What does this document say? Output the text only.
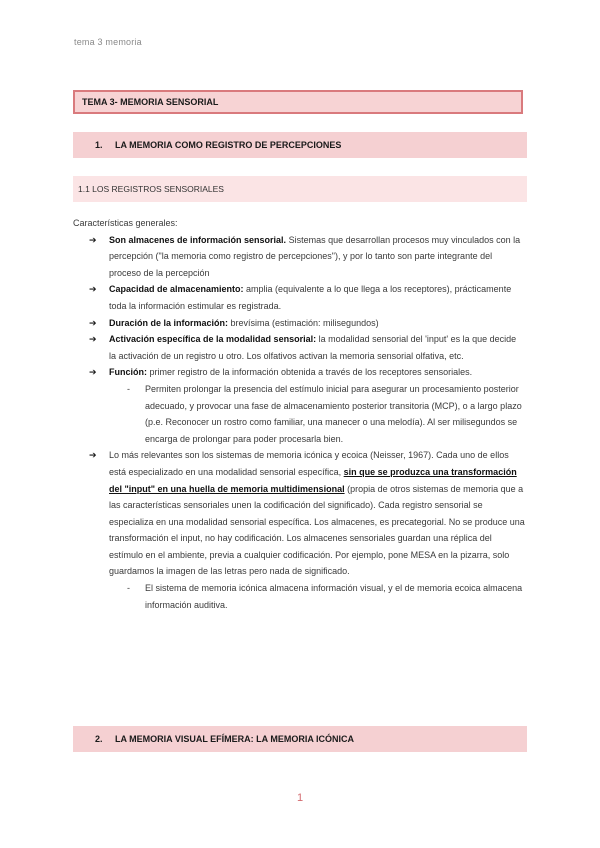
tema 3 memoria
TEMA 3- MEMORIA SENSORIAL
1.	LA MEMORIA COMO REGISTRO DE PERCEPCIONES
1.1 LOS REGISTROS SENSORIALES

Características generales:

➔ Son almacenes de información sensorial. Sistemas que desarrollan procesos muy vinculados con la percepción ("la memoria como registro de percepciones"), y por lo tanto son parte integrante del proceso de la percepción
➔ Capacidad de almacenamiento: amplia (equivalente a lo que llega a los receptores), prácticamente toda la información estimular es registrada.
➔ Duración de la información: brevísima (estimación: milisegundos)
➔ Activación específica de la modalidad sensorial: la modalidad sensorial del 'input' es la que decide la activación de un registro u otro. Los olfativos activan la memoria sensorial olfativa, etc.
➔ Función: primer registro de la información obtenida a través de los receptores sensoriales.
- Permiten prolongar la presencia del estímulo inicial para asegurar un procesamiento posterior adecuado, y provocar una fase de almacenamiento posterior transitoria (MCP), o a largo plazo (p.e. Reconocer un rostro como familiar, una manecer o una melodía). Al ser milisegundos se encarga de prolongar para poder procesarla bien.
➔ Lo más relevantes son los sistemas de memoria icónica y ecoica (Neisser, 1967). Cada uno de ellos está especializado en una modalidad sensorial específica, sin que se produzca una transformación del "input" en una huella de memoria multidimensional (propia de otros sistemas de memoria que a las características sensoriales unen la codificación del significado). Cada registro sensorial se especializa en una modalidad sensorial específica. Los almacenes, es precategorial. No se produce una transformación el input, no hay codificación. Los almacenes sensoriales guardan una réplica del estímulo en el ambiente, previa a cualquier codificación. Por ejemplo, pone MESA en la pizarra, solo guardamos la imagen de las letras pero nada de significado.
- El sistema de memoria icónica almacena información visual, y el de memoria ecoica almacena información auditiva.
2.	LA MEMORIA VISUAL EFÍMERA: LA MEMORIA ICÓNICA
1
